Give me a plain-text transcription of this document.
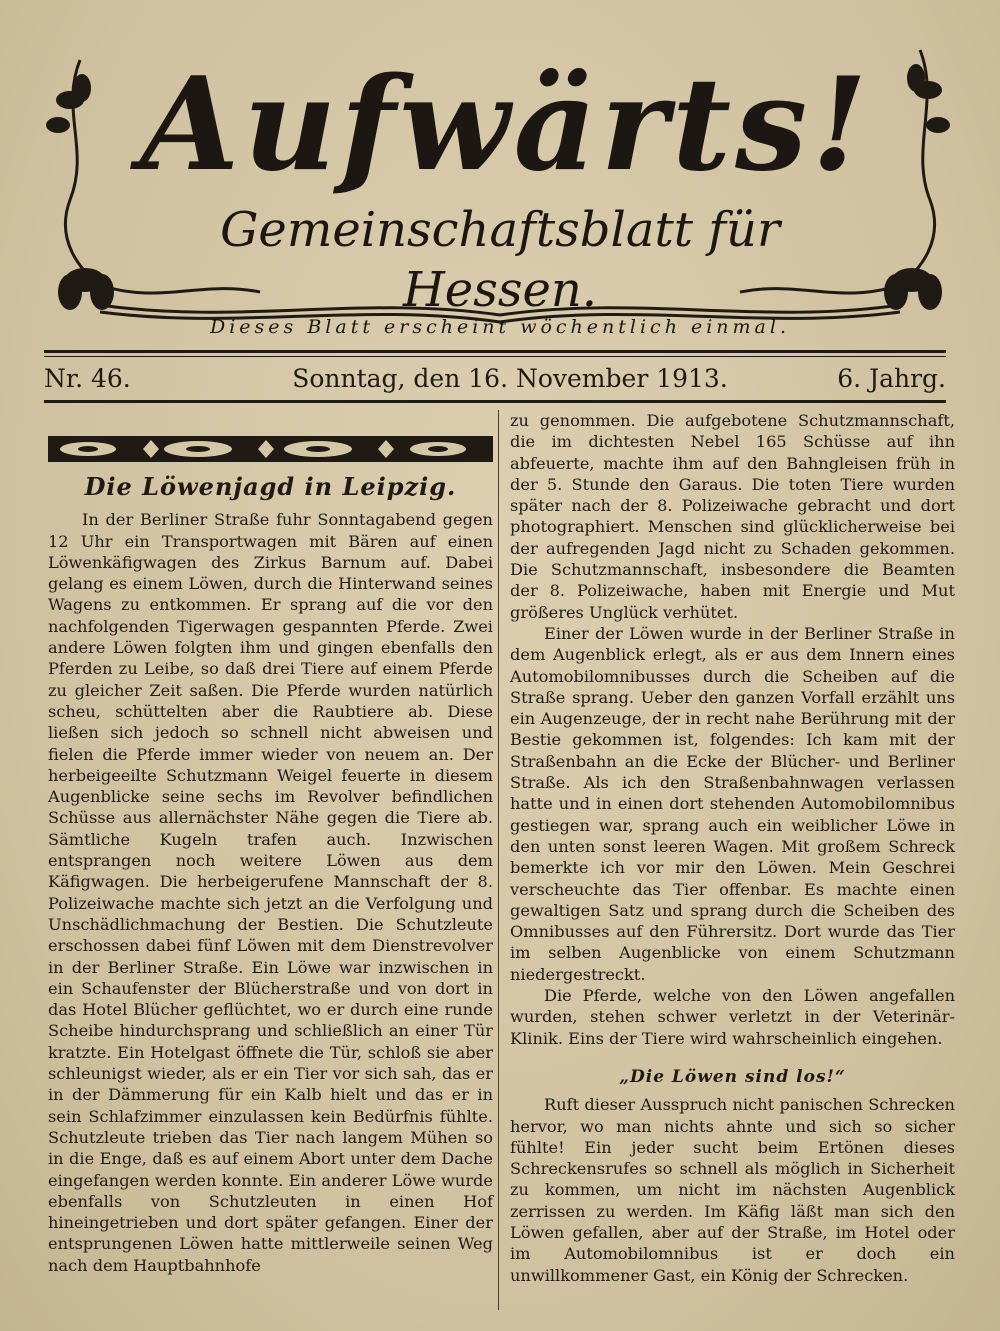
Aufwärts!
Gemeinschaftsblatt für Hessen.
Dieses Blatt erscheint wöchentlich einmal.
Nr. 46.	Sonntag, den 16. November 1913.	6. Jahrg.
Die Löwenjagd in Leipzig.

In der Berliner Straße fuhr Sonntagabend gegen 12 Uhr ein Transportwagen mit Bären auf einen Löwenkäfigwagen des Zirkus Barnum auf. Dabei gelang es einem Löwen, durch die Hinterwand seines Wagens zu entkommen. Er sprang auf die vor den nachfolgenden Tigerwagen gespannten Pferde. Zwei andere Löwen folgten ihm und gingen ebenfalls den Pferden zu Leibe, so daß drei Tiere auf einem Pferde zu gleicher Zeit saßen. Die Pferde wurden natürlich scheu, schüttelten aber die Raubtiere ab. Diese ließen sich jedoch so schnell nicht abweisen und fielen die Pferde immer wieder von neuem an. Der herbeigeeilte Schutzmann Weigel feuerte in diesem Augenblicke seine sechs im Revolver befindlichen Schüsse aus allernächster Nähe gegen die Tiere ab. Sämtliche Kugeln trafen auch. Inzwischen entsprangen noch weitere Löwen aus dem Käfigwagen. Die herbeigerufene Mannschaft der 8. Polizeiwache machte sich jetzt an die Verfolgung und Unschädlichmachung der Bestien. Die Schutzleute erschossen dabei fünf Löwen mit dem Dienstrevolver in der Berliner Straße. Ein Löwe war inzwischen in ein Schaufenster der Blücherstraße und von dort in das Hotel Blücher geflüchtet, wo er durch eine runde Scheibe hindurchsprang und schließlich an einer Tür kratzte. Ein Hotelgast öffnete die Tür, schloß sie aber schleunigst wieder, als er ein Tier vor sich sah, das er in der Dämmerung für ein Kalb hielt und das er in sein Schlafzimmer einzulassen kein Bedürfnis fühlte. Schutzleute trieben das Tier nach langem Mühen so in die Enge, daß es auf einem Abort unter dem Dache eingefangen werden konnte. Ein anderer Löwe wurde ebenfalls von Schutzleuten in einen Hof hineingetrieben und dort später gefangen. Einer der entsprungenen Löwen hatte mittlerweile seinen Weg nach dem Hauptbahnhofe

zu genommen. Die aufgebotene Schutzmannschaft, die im dichtesten Nebel 165 Schüsse auf ihn abfeuerte, machte ihm auf den Bahngleisen früh in der 5. Stunde den Garaus. Die toten Tiere wurden später nach der 8. Polizeiwache gebracht und dort photographiert. Menschen sind glücklicherweise bei der aufregenden Jagd nicht zu Schaden gekommen. Die Schutzmannschaft, insbesondere die Beamten der 8. Polizeiwache, haben mit Energie und Mut größeres Unglück verhütet.

Einer der Löwen wurde in der Berliner Straße in dem Augenblick erlegt, als er aus dem Innern eines Automobilomnibusses durch die Scheiben auf die Straße sprang. Ueber den ganzen Vorfall erzählt uns ein Augenzeuge, der in recht nahe Berührung mit der Bestie gekommen ist, folgendes: Ich kam mit der Straßenbahn an die Ecke der Blücher- und Berliner Straße. Als ich den Straßenbahnwagen verlassen hatte und in einen dort stehenden Automobilomnibus gestiegen war, sprang auch ein weiblicher Löwe in den unten sonst leeren Wagen. Mit großem Schreck bemerkte ich vor mir den Löwen. Mein Geschrei verscheuchte das Tier offenbar. Es machte einen gewaltigen Satz und sprang durch die Scheiben des Omnibusses auf den Führersitz. Dort wurde das Tier im selben Augenblicke von einem Schutzmann niedergestreckt.

Die Pferde, welche von den Löwen angefallen wurden, stehen schwer verletzt in der Veterinär-Klinik. Eins der Tiere wird wahrscheinlich eingehen.

„Die Löwen sind los!“

Ruft dieser Ausspruch nicht panischen Schrecken hervor, wo man nichts ahnte und sich so sicher fühlte! Ein jeder sucht beim Ertönen dieses Schreckensrufes so schnell als möglich in Sicherheit zu kommen, um nicht im nächsten Augenblick zerrissen zu werden. Im Käfig läßt man sich den Löwen gefallen, aber auf der Straße, im Hotel oder im Automobilomnibus ist er doch ein unwillkommener Gast, ein König der Schrecken.
